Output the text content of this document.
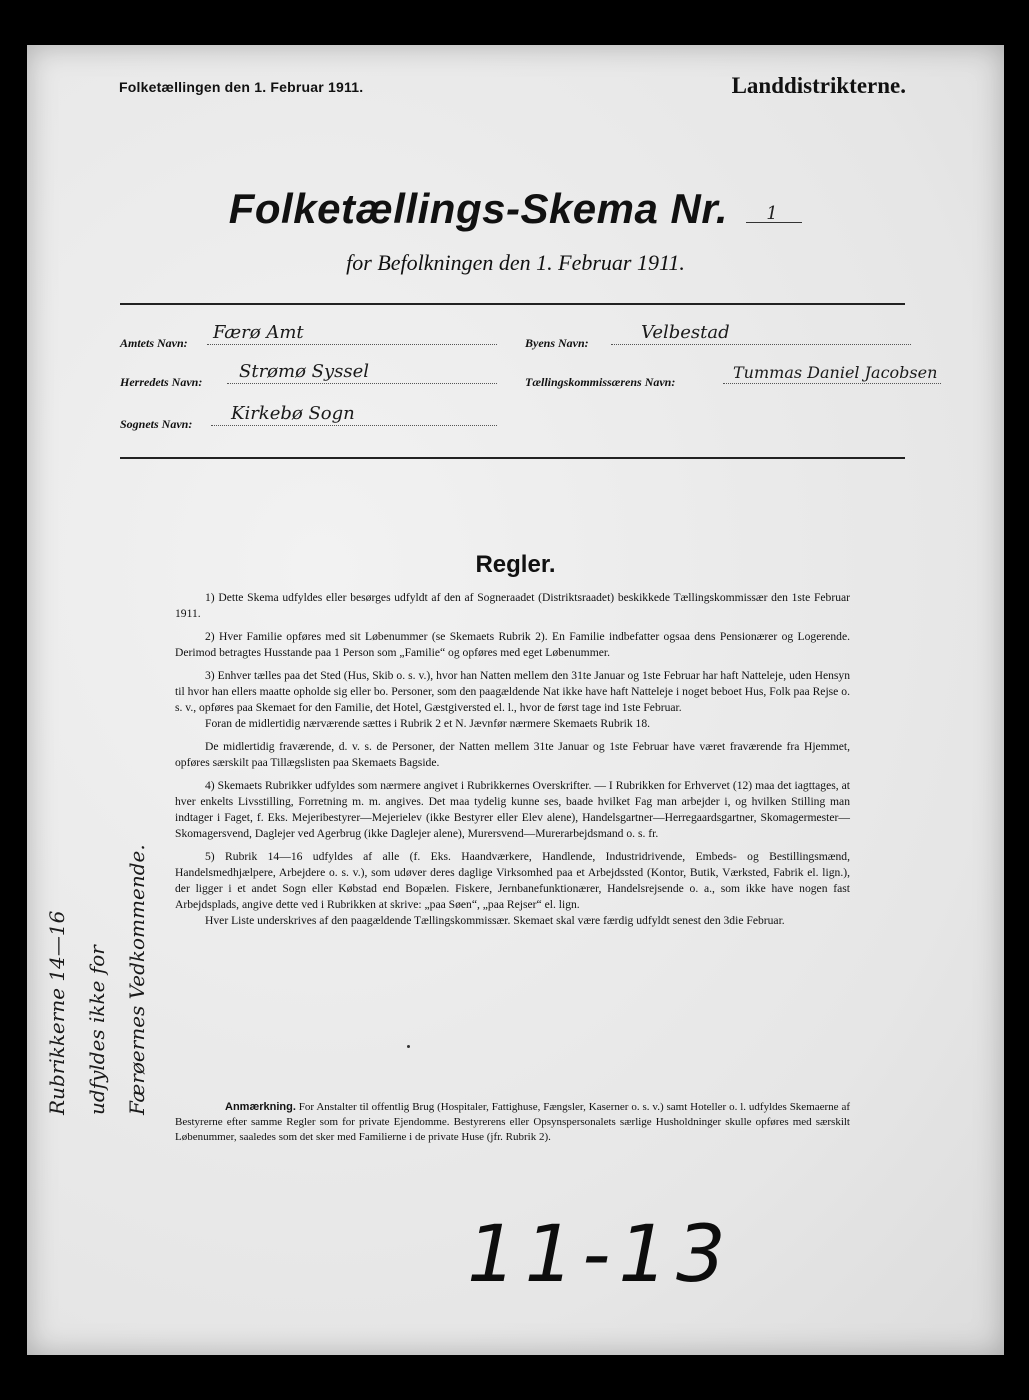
Folketællingen den 1. Februar 1911.	Landdistrikterne.
Folketællings-Skema Nr. 1
for Befolkningen den 1. Februar 1911.
Amtets Navn: Færø Amt
Herredets Navn: Strømø Syssel
Sognets Navn: Kirkebø Sogn
Byens Navn:	Velbestad
Tællingskommissærens Navn:	Tummas Daniel Jacobsen
Regler.

1) Dette Skema udfyldes eller besørges udfyldt af den af Sogneraadet (Distriktsraadet) beskikkede Tællingskommissær den 1ste Februar 1911.

2) Hver Familie opføres med sit Løbenummer (se Skemaets Rubrik 2). En Familie indbefatter ogsaa dens Pensionærer og Logerende. Derimod betragtes Husstande paa 1 Person som „Familie“ og opføres med eget Løbenummer.

3) Enhver tælles paa det Sted (Hus, Skib o. s. v.), hvor han Natten mellem den 31te Januar og 1ste Februar har haft Natteleje, uden Hensyn til hvor han ellers maatte opholde sig eller bo. Personer, som den paagældende Nat ikke have haft Natteleje i noget beboet Hus, Folk paa Rejse o. s. v., opføres paa Skemaet for den Familie, det Hotel, Gæstgiversted el. l., hvor de først tage ind 1ste Februar.

Foran de midlertidig nærværende sættes i Rubrik 2 et N. Jævnfør nærmere Skemaets Rubrik 18.

De midlertidig fraværende, d. v. s. de Personer, der Natten mellem 31te Januar og 1ste Februar have været fraværende fra Hjemmet, opføres særskilt paa Tillægslisten paa Skemaets Bagside.

4) Skemaets Rubrikker udfyldes som nærmere angivet i Rubrikkernes Overskrifter. — I Rubrikken for Erhvervet (12) maa det iagttages, at hver enkelts Livsstilling, Forretning m. m. angives. Det maa tydelig kunne ses, baade hvilket Fag man arbejder i, og hvilken Stilling man indtager i Faget, f. Eks. Mejeribestyrer—Mejerielev (ikke Bestyrer eller Elev alene), Handelsgartner—Herregaardsgartner, Skomagermester—Skomagersvend, Daglejer ved Agerbrug (ikke Daglejer alene), Murersvend—Murerarbejdsmand o. s. fr.

5) Rubrik 14—16 udfyldes af alle (f. Eks. Haandværkere, Handlende, Industridrivende, Embeds- og Bestillingsmænd, Handelsmedhjælpere, Arbejdere o. s. v.), som udøver deres daglige Virksomhed paa et Arbejdssted (Kontor, Butik, Værksted, Fabrik el. lign.), der ligger i et andet Sogn eller Købstad end Bopælen. Fiskere, Jernbanefunktionærer, Handelsrejsende o. a., som ikke have nogen fast Arbejdsplads, angive dette ved i Rubrikken at skrive: „paa Søen“, „paa Rejser“ el. lign.

Hver Liste underskrives af den paagældende Tællingskommissær. Skemaet skal være færdig udfyldt senest den 3die Februar.

Anmærkning. For Anstalter til offentlig Brug (Hospitaler, Fattighuse, Fængsler, Kaserner o. s. v.) samt Hoteller o. l. udfyldes Skemaerne af Bestyrerne efter samme Regler som for private Ejendomme. Bestyrerens eller Opsynspersonalets særlige Husholdninger skulle opføres med særskilt Løbenummer, saaledes som det sker med Familierne i de private Huse (jfr. Rubrik 2).
Rubrikkerne 14—16 udfyldes ikke for Færøernes Vedkommende.
11-13
